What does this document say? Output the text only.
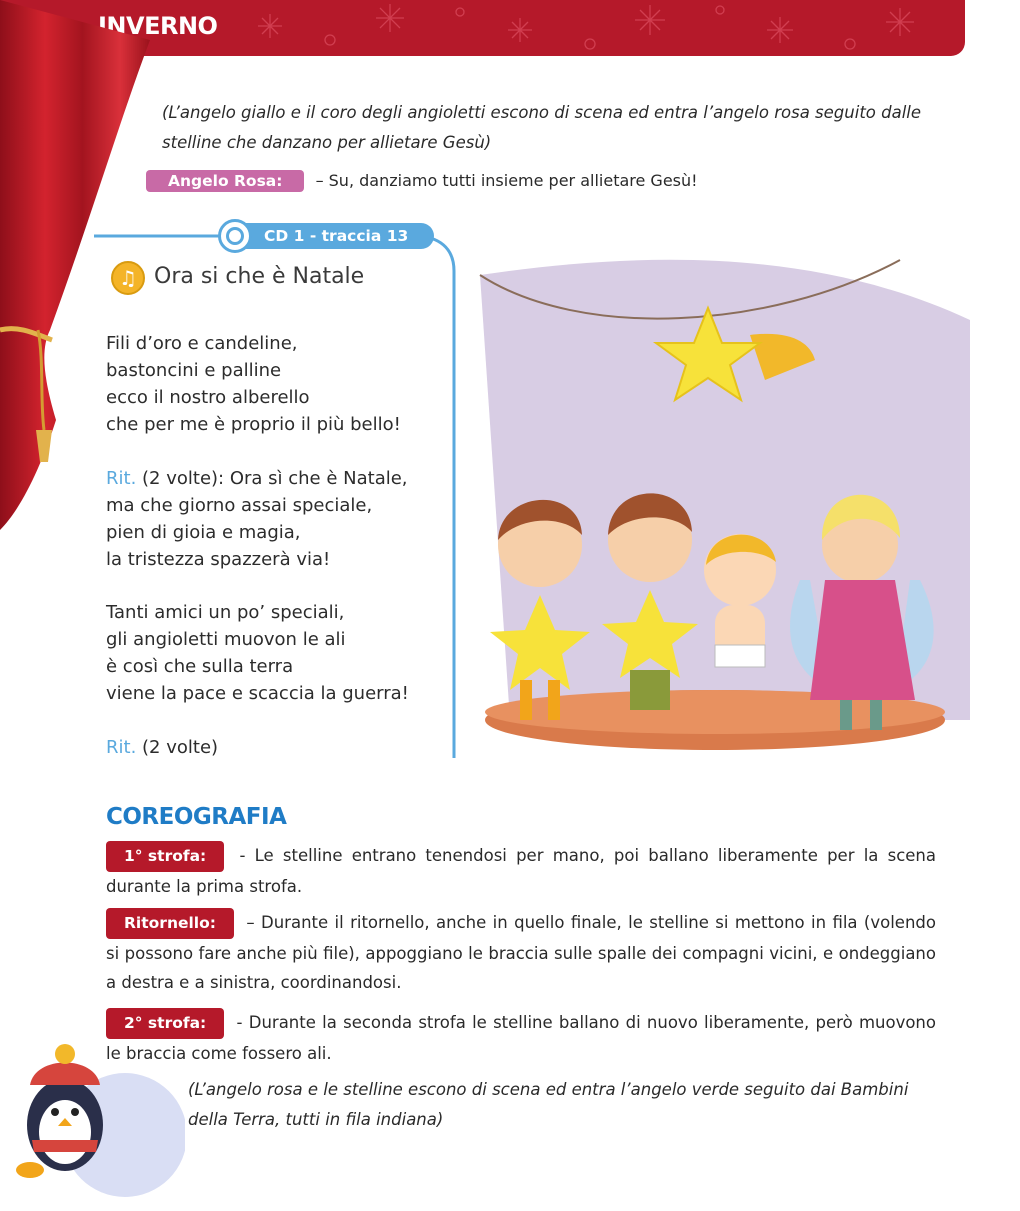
INVERNO
(L’angelo giallo e il coro degli angioletti escono di scena ed entra l’angelo rosa seguito dalle stelline che danzano per allietare Gesù)
Angelo Rosa: – Su, danziamo tutti insieme per allietare Gesù!
CD 1 - traccia 13
♫ Ora si che è Natale
Fili d’oro e candeline,
bastoncini e palline
ecco il nostro alberello
che per me è proprio il più bello!
Rit. (2 volte): Ora sì che è Natale,
ma che giorno assai speciale,
pien di gioia e magia,
la tristezza spazzerà via!
Tanti amici un po’ speciali,
gli angioletti muovon le ali
è così che sulla terra
viene la pace e scaccia la guerra!
Rit. (2 volte)
COREOGRAFIA
1° strofa: - Le stelline entrano tenendosi per mano, poi ballano liberamente per la scena durante la prima strofa.
Ritornello: – Durante il ritornello, anche in quello finale, le stelline si mettono in fila (volendo si possono fare anche più file), appoggiano le braccia sulle spalle dei compagni vicini, e ondeggiano a destra e a sinistra, coordinandosi.
2° strofa: - Durante la seconda strofa le stelline ballano di nuovo liberamente, però muovono le braccia come fossero ali.
(L’angelo rosa e le stelline escono di scena ed entra l’angelo verde seguito dai Bambini della Terra, tutti in fila indiana)
